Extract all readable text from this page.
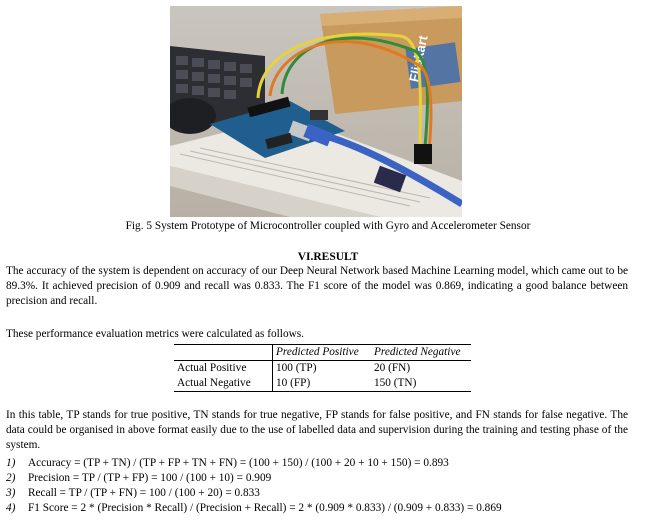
Flipkart
Fig. 5 System Prototype of Microcontroller coupled with Gyro and Accelerometer Sensor
VI.RESULT
The accuracy of the system is dependent on accuracy of our Deep Neural Network based Machine Learning model, which came out to be 89.3%. It achieved precision of 0.909 and recall was 0.833. The F1 score of the model was 0.869, indicating a good balance between precision and recall.
These performance evaluation metrics were calculated as follows.
	Predicted Positive	Predicted Negative
Actual Positive	100 (TP)	20 (FN)
Actual Negative	10 (FP)	150 (TN)
In this table, TP stands for true positive, TN stands for true negative, FP stands for false positive, and FN stands for false negative. The data could be organised in above format easily due to the use of labelled data and supervision during the training and testing phase of the system.
1) Accuracy = (TP + TN) / (TP + FP + TN + FN) = (100 + 150) / (100 + 20 + 10 + 150) = 0.893
2) Precision = TP / (TP + FP) = 100 / (100 + 10) = 0.909
3) Recall = TP / (TP + FN) = 100 / (100 + 20) = 0.833
4) F1 Score = 2 * (Precision * Recall) / (Precision + Recall) = 2 * (0.909 * 0.833) / (0.909 + 0.833) = 0.869
